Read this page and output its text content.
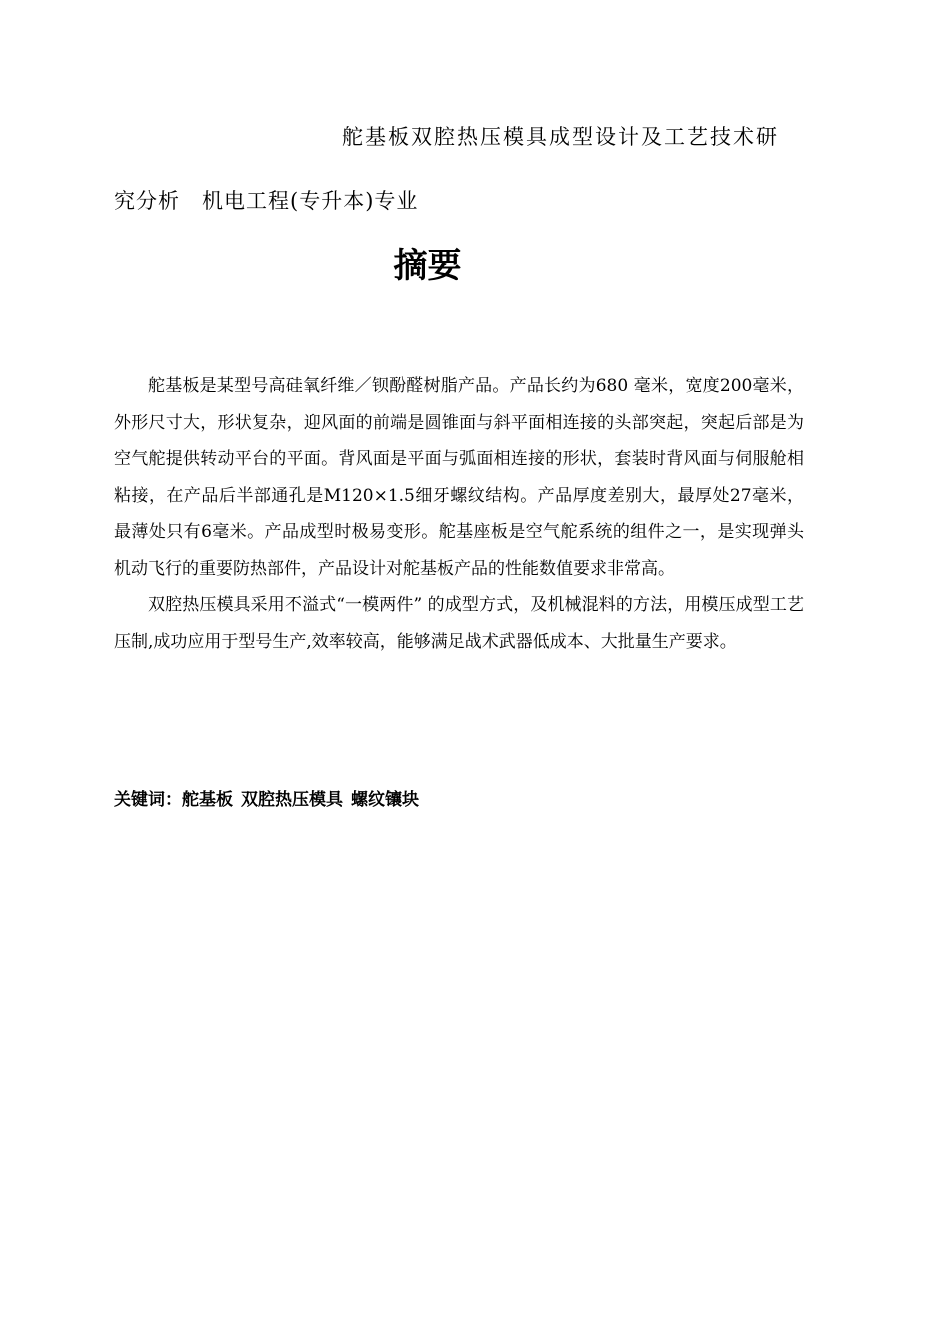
舵基板双腔热压模具成型设计及工艺技术研
究分析 机电工程(专升本)专业
摘要

舵基板是某型号高硅氧纤维／钡酚醛树脂产品。产品长约为680 毫米，宽度200毫米，外形尺寸大，形状复杂，迎风面的前端是圆锥面与斜平面相连接的头部突起，突起后部是为空气舵提供转动平台的平面。背风面是平面与弧面相连接的形状，套装时背风面与伺服舱相粘接，在产品后半部通孔是M120×1.5细牙螺纹结构。产品厚度差别大，最厚处27毫米，最薄处只有6毫米。产品成型时极易变形。舵基座板是空气舵系统的组件之一，是实现弹头机动飞行的重要防热部件，产品设计对舵基板产品的性能数值要求非常高。

双腔热压模具采用不溢式“一模两件” 的成型方式，及机械混料的方法，用模压成型工艺压制,成功应用于型号生产,效率较高，能够满足战术武器低成本、大批量生产要求。

关键词：舵基板 双腔热压模具 螺纹镶块
